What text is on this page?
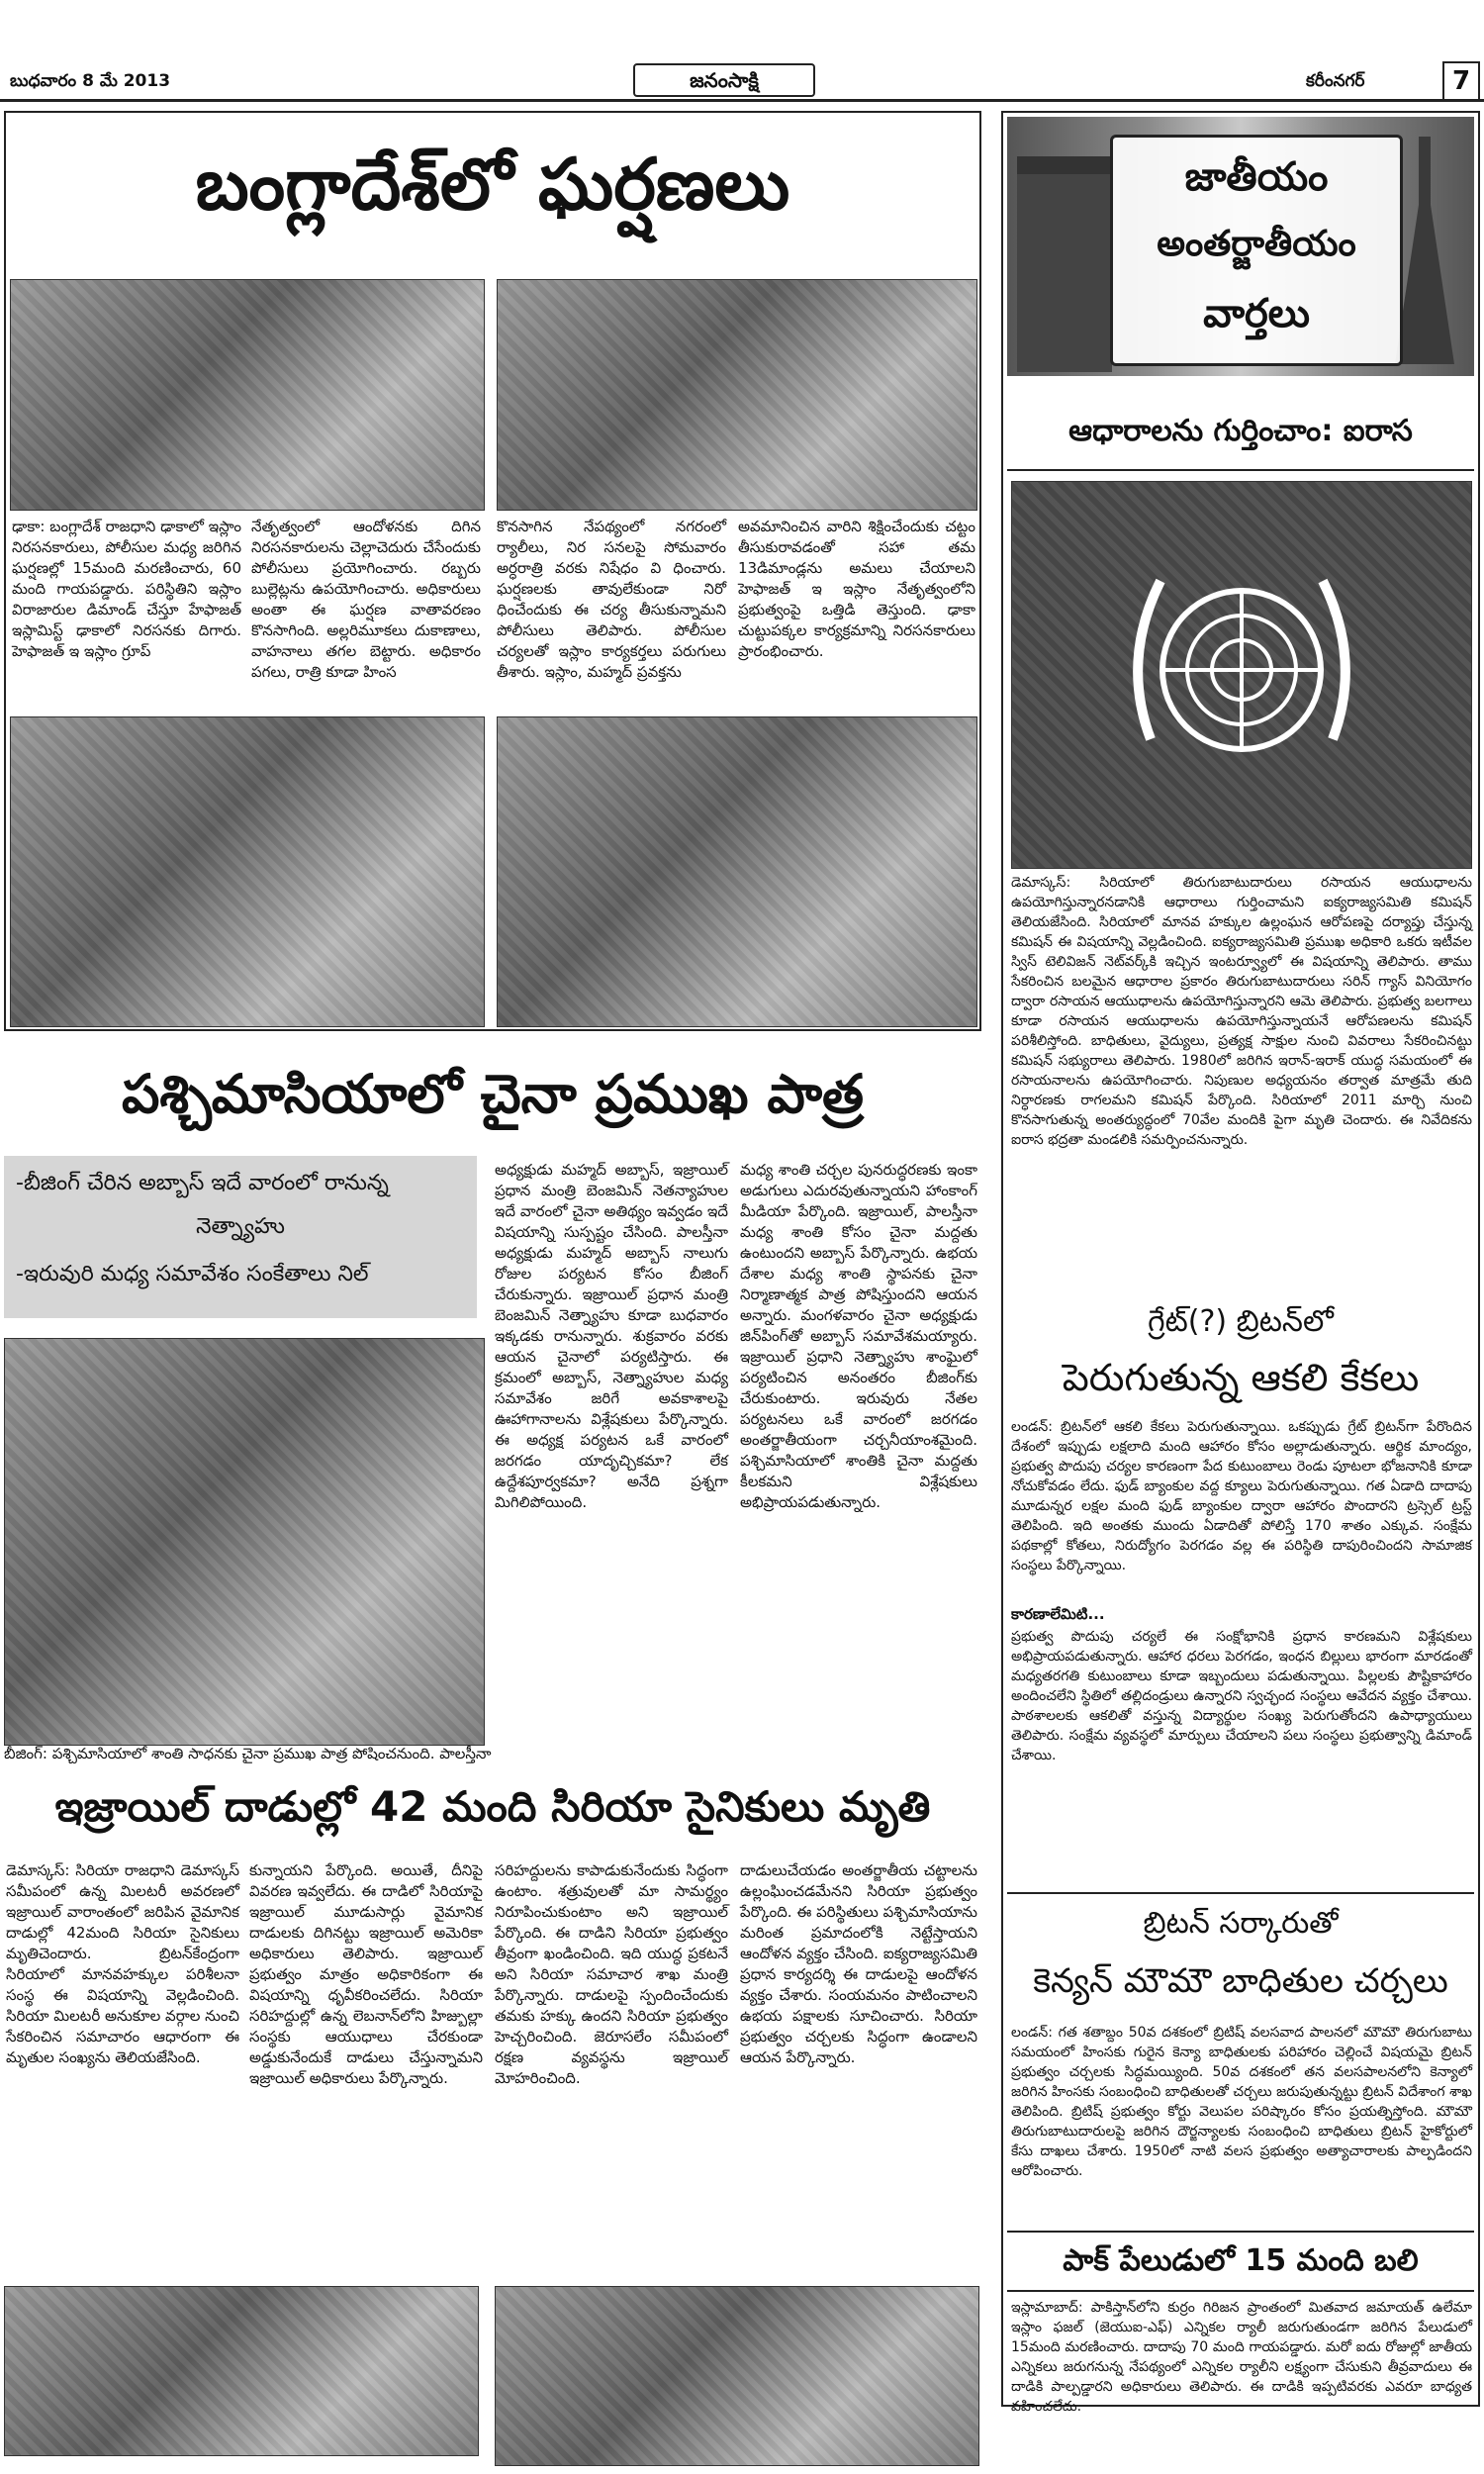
బుధవారం 8 మే 2013	జనంసాక్షి	కరీంనగర్	7
బంగ్లాదేశ్‌లో ఘర్షణలు
ఢాకా: బంగ్లాదేశ్ రాజధాని ఢాకాలో ఇస్లాం నిరసనకారులు, పోలీసుల మధ్య జరిగిన ఘర్షణల్లో 15మంది మరణించారు, 60 మంది గాయపడ్డారు. పరిస్థితిని ఇస్లాం విరాజారుల డిమాండ్ చేస్తూ హేఫాజత్ ఇస్లామిస్ట్ ఢాకాలో నిరసనకు దిగారు. హెఫాజత్ ఇ ఇస్లాం గ్రూప్
నేతృత్వంలో ఆందోళనకు దిగిన నిరసనకారులను చెల్లాచెదురు చేసేందుకు పోలీసులు ప్రయోగించారు. రబ్బరు బుల్లెట్లను ఉపయోగించారు. అధికారులు అంతా ఈ ఘర్షణ వాతావరణం కొనసాగింది. అల్లరిమూకలు దుకాణాలు, వాహనాలు తగల బెట్టారు. అధికారం పగలు, రాత్రి కూడా హింస
కొనసాగిన నేపథ్యంలో నగరంలో ర్యాలీలు, నిర సనలపై సోమవారం అర్ధరాత్రి వరకు నిషేధం వి ధించారు. ఘర్షణలకు తావులేకుండా నిరో ధించేందుకు ఈ చర్య తీసుకున్నామని పోలీసులు తెలిపారు. పోలీసుల చర్యలతో ఇస్లాం కార్యకర్తలు పరుగులు తీశారు. ఇస్లాం, మహ్మద్ ప్రవక్తను
అవమానించిన వారిని శిక్షించేందుకు చట్టం తీసుకురావడంతో సహా తమ 13డిమాండ్లను అమలు చేయాలని హెఫాజత్ ఇ ఇస్లాం నేతృత్వంలోని ప్రభుత్వంపై ఒత్తిడి తెస్తుంది. ఢాకా చుట్టుపక్కల కార్యక్రమాన్ని నిరసనకారులు ప్రారంభించారు.
పశ్చిమాసియాలో చైనా ప్రముఖ పాత్ర
-బీజింగ్ చేరిన అబ్బాస్ ఇదే వారంలో రానున్న
నెత్న్యాహు
-ఇరువురి మధ్య సమావేశం సంకేతాలు నిల్
బీజింగ్: పశ్చిమాసియాలో శాంతి సాధనకు చైనా ప్రముఖ పాత్ర పోషించనుంది. పాలస్తీనా
అధ్యక్షుడు మహ్మద్ అబ్బాస్, ఇజ్రాయిల్ ప్రధాన మంత్రి బెంజమిన్ నెతన్యాహుల ఇదే వారంలో చైనా అతిథ్యం ఇవ్వడం ఇదే విషయాన్ని సుస్పష్టం చేసింది. పాలస్తీనా అధ్యక్షుడు మహ్మద్ అబ్బాస్ నాలుగు రోజుల పర్యటన కోసం బీజింగ్ చేరుకున్నారు. ఇజ్రాయిల్ ప్రధాన మంత్రి బెంజమిన్ నెత్న్యాహు కూడా బుధవారం ఇక్కడకు రానున్నారు. శుక్రవారం వరకు ఆయన చైనాలో పర్యటిస్తారు. ఈ క్రమంలో అబ్బాస్, నెత్న్యాహుల మధ్య సమావేశం జరిగే అవకాశాలపై ఊహాగానాలను విశ్లేషకులు పేర్కొన్నారు. ఈ అధ్యక్ష పర్యటన ఒకే వారంలో జరగడం యాదృచ్చికమా? లేక ఉద్దేశపూర్వకమా? అనేది ప్రశ్నగా మిగిలిపోయింది.
మధ్య శాంతి చర్చల పునరుద్ధరణకు ఇంకా అడుగులు ఎదురవుతున్నాయని హాంకాంగ్ మీడియా పేర్కొంది. ఇజ్రాయిల్, పాలస్తీనా మధ్య శాంతి కోసం చైనా మద్దతు ఉంటుందని అబ్బాస్ పేర్కొన్నారు. ఉభయ దేశాల మధ్య శాంతి స్థాపనకు చైనా నిర్మాణాత్మక పాత్ర పోషిస్తుందని ఆయన అన్నారు. మంగళవారం చైనా అధ్యక్షుడు జిన్‌పింగ్‌తో అబ్బాస్ సమావేశమయ్యారు. ఇజ్రాయిల్ ప్రధాని నెత్న్యాహు శాంఘైలో పర్యటించిన అనంతరం బీజింగ్‌కు చేరుకుంటారు. ఇరువురు నేతల పర్యటనలు ఒకే వారంలో జరగడం అంతర్జాతీయంగా చర్చనీయాంశమైంది. పశ్చిమాసియాలో శాంతికి చైనా మద్దతు కీలకమని విశ్లేషకులు అభిప్రాయపడుతున్నారు.
ఇజ్రాయిల్ దాడుల్లో 42 మంది సిరియా సైనికులు మృతి
డెమాస్కస్: సిరియా రాజధాని డెమాస్కస్ సమీపంలో ఉన్న మిలటరీ అవరణలో ఇజ్రాయిల్ వారాంతంలో జరిపిన వైమానిక దాడుల్లో 42మంది సిరియా సైనికులు మృతిచెందారు. బ్రిటన్‌కేంద్రంగా సిరియాలో మానవహక్కుల పరిశీలనా సంస్థ ఈ విషయాన్ని వెల్లడించింది. సిరియా మిలటరీ అనుకూల వర్గాల నుంచి సేకరించిన సమాచారం ఆధారంగా ఈ మృతుల సంఖ్యను తెలియజేసింది.
కున్నాయని పేర్కొంది. అయితే, దీనిపై వివరణ ఇవ్వలేదు. ఈ దాడిలో సిరియాపై ఇజ్రాయిల్ మూడుసార్లు వైమానిక దాడులకు దిగినట్టు ఇజ్రాయిల్ అమెరికా అధికారులు తెలిపారు. ఇజ్రాయిల్ ప్రభుత్వం మాత్రం అధికారికంగా ఈ విషయాన్ని ధృవీకరించలేదు. సిరియా సరిహద్దుల్లో ఉన్న లెబనాన్‌లోని హిజ్బుల్లా సంస్థకు ఆయుధాలు చేరకుండా అడ్డుకునేందుకే దాడులు చేస్తున్నామని ఇజ్రాయిల్ అధికారులు పేర్కొన్నారు.
సరిహద్దులను కాపాడుకునేందుకు సిద్ధంగా ఉంటాం. శత్రువులతో మా సామర్థ్యం నిరూపించుకుంటాం అని ఇజ్రాయిల్ పేర్కొంది. ఈ దాడిని సిరియా ప్రభుత్వం తీవ్రంగా ఖండించింది. ఇది యుద్ధ ప్రకటనే అని సిరియా సమాచార శాఖ మంత్రి పేర్కొన్నారు. దాడులపై స్పందించేందుకు తమకు హక్కు ఉందని సిరియా ప్రభుత్వం హెచ్చరించింది. జెరూసలేం సమీపంలో రక్షణ వ్యవస్థను ఇజ్రాయిల్ మోహరించింది.
దాడులుచేయడం అంతర్జాతీయ చట్టాలను ఉల్లంఘించడమేనని సిరియా ప్రభుత్వం పేర్కొంది. ఈ పరిస్థితులు పశ్చిమాసియాను మరింత ప్రమాదంలోకి నెట్టేస్తాయని ఆందోళన వ్యక్తం చేసింది. ఐక్యరాజ్యసమితి ప్రధాన కార్యదర్శి ఈ దాడులపై ఆందోళన వ్యక్తం చేశారు. సంయమనం పాటించాలని ఉభయ పక్షాలకు సూచించారు. సిరియా ప్రభుత్వం చర్చలకు సిద్ధంగా ఉండాలని ఆయన పేర్కొన్నారు.
జాతీయం
అంతర్జాతీయం
వార్తలు
ఆధారాలను గుర్తించాం: ఐరాస
డెమాస్కస్: సిరియాలో తిరుగుబాటుదారులు రసాయన ఆయుధాలను ఉపయోగిస్తున్నారనడానికి ఆధారాలు గుర్తించామని ఐక్యరాజ్యసమితి కమిషన్ తెలియజేసింది. సిరియాలో మానవ హక్కుల ఉల్లంఘన ఆరోపణపై దర్యాప్తు చేస్తున్న కమిషన్ ఈ విషయాన్ని వెల్లడించింది. ఐక్యరాజ్యసమితి ప్రముఖ అధికారి ఒకరు ఇటీవల స్విస్ టెలివిజన్ నెట్‌వర్క్‌కి ఇచ్చిన ఇంటర్వ్యూలో ఈ విషయాన్ని తెలిపారు. తాము సేకరించిన బలమైన ఆధారాల ప్రకారం తిరుగుబాటుదారులు సరిన్ గ్యాస్ వినియోగం ద్వారా రసాయన ఆయుధాలను ఉపయోగిస్తున్నారని ఆమె తెలిపారు. ప్రభుత్వ బలగాలు కూడా రసాయన ఆయుధాలను ఉపయోగిస్తున్నాయనే ఆరోపణలను కమిషన్ పరిశీలిస్తోంది. బాధితులు, వైద్యులు, ప్రత్యక్ష సాక్షుల నుంచి వివరాలు సేకరించినట్టు కమిషన్ సభ్యురాలు తెలిపారు. 1980లో జరిగిన ఇరాన్-ఇరాక్ యుద్ధ సమయంలో ఈ రసాయనాలను ఉపయోగించారు. నిపుణుల అధ్యయనం తర్వాత మాత్రమే తుది నిర్ధారణకు రాగలమని కమిషన్ పేర్కొంది. సిరియాలో 2011 మార్చి నుంచి కొనసాగుతున్న అంతర్యుద్ధంలో 70వేల మందికి పైగా మృతి చెందారు. ఈ నివేదికను ఐరాస భద్రతా మండలికి సమర్పించనున్నారు.
గ్రేట్(?) బ్రిటన్‌లో
పెరుగుతున్న ఆకలి కేకలు
లండన్: బ్రిటన్‌లో ఆకలి కేకలు పెరుగుతున్నాయి. ఒకప్పుడు గ్రేట్ బ్రిటన్‌గా పేరొందిన దేశంలో ఇప్పుడు లక్షలాది మంది ఆహారం కోసం అల్లాడుతున్నారు. ఆర్థిక మాంద్యం, ప్రభుత్వ పొదుపు చర్యల కారణంగా పేద కుటుంబాలు రెండు పూటలా భోజనానికి కూడా నోచుకోవడం లేదు. ఫుడ్ బ్యాంకుల వద్ద క్యూలు పెరుగుతున్నాయి. గత ఏడాది దాదాపు మూడున్నర లక్షల మంది ఫుడ్ బ్యాంకుల ద్వారా ఆహారం పొందారని ట్రస్సెల్ ట్రస్ట్ తెలిపింది. ఇది అంతకు ముందు ఏడాదితో పోలిస్తే 170 శాతం ఎక్కువ. సంక్షేమ పథకాల్లో కోతలు, నిరుద్యోగం పెరగడం వల్ల ఈ పరిస్థితి దాపురించిందని సామాజిక సంస్థలు పేర్కొన్నాయి.
కారణాలేమిటి...
ప్రభుత్వ పొదుపు చర్యలే ఈ సంక్షోభానికి ప్రధాన కారణమని విశ్లేషకులు అభిప్రాయపడుతున్నారు. ఆహార ధరలు పెరగడం, ఇంధన బిల్లులు భారంగా మారడంతో మధ్యతరగతి కుటుంబాలు కూడా ఇబ్బందులు పడుతున్నాయి. పిల్లలకు పౌష్టికాహారం అందించలేని స్థితిలో తల్లిదండ్రులు ఉన్నారని స్వచ్ఛంద సంస్థలు ఆవేదన వ్యక్తం చేశాయి. పాఠశాలలకు ఆకలితో వస్తున్న విద్యార్థుల సంఖ్య పెరుగుతోందని ఉపాధ్యాయులు తెలిపారు. సంక్షేమ వ్యవస్థలో మార్పులు చేయాలని పలు సంస్థలు ప్రభుత్వాన్ని డిమాండ్ చేశాయి.
బ్రిటన్ సర్కారుతో
కెన్యన్ మౌమౌ బాధితుల చర్చలు
లండన్: గత శతాబ్దం 50వ దశకంలో బ్రిటిష్ వలసవాద పాలనలో మౌమౌ తిరుగుబాటు సమయంలో హింసకు గురైన కెన్యా బాధితులకు పరిహారం చెల్లించే విషయమై బ్రిటన్ ప్రభుత్వం చర్చలకు సిద్ధమయ్యింది. 50వ దశకంలో తన వలసపాలనలోని కెన్యాలో జరిగిన హింసకు సంబంధించి బాధితులతో చర్చలు జరుపుతున్నట్టు బ్రిటన్ విదేశాంగ శాఖ తెలిపింది. బ్రిటిష్ ప్రభుత్వం కోర్టు వెలుపల పరిష్కారం కోసం ప్రయత్నిస్తోంది. మౌమౌ తిరుగుబాటుదారులపై జరిగిన దౌర్జన్యాలకు సంబంధించి బాధితులు బ్రిటన్ హైకోర్టులో కేసు దాఖలు చేశారు. 1950లో నాటి వలస ప్రభుత్వం అత్యాచారాలకు పాల్పడిందని ఆరోపించారు.
పాక్ పేలుడులో 15 మంది బలి
ఇస్లామాబాద్: పాకిస్తాన్‌లోని కుర్రం గిరిజన ప్రాంతంలో మితవాద జమాయత్ ఉలేమా ఇస్లాం ఫజల్ (జెయుఐ-ఎఫ్) ఎన్నికల ర్యాలీ జరుగుతుండగా జరిగిన పేలుడులో 15మంది మరణించారు. దాదాపు 70 మంది గాయపడ్డారు. మరో ఐదు రోజుల్లో జాతీయ ఎన్నికలు జరుగనున్న నేపథ్యంలో ఎన్నికల ర్యాలీని లక్ష్యంగా చేసుకుని తీవ్రవాదులు ఈ దాడికి పాల్పడ్డారని అధికారులు తెలిపారు. ఈ దాడికి ఇప్పటివరకు ఎవరూ బాధ్యత వహించలేదు.
